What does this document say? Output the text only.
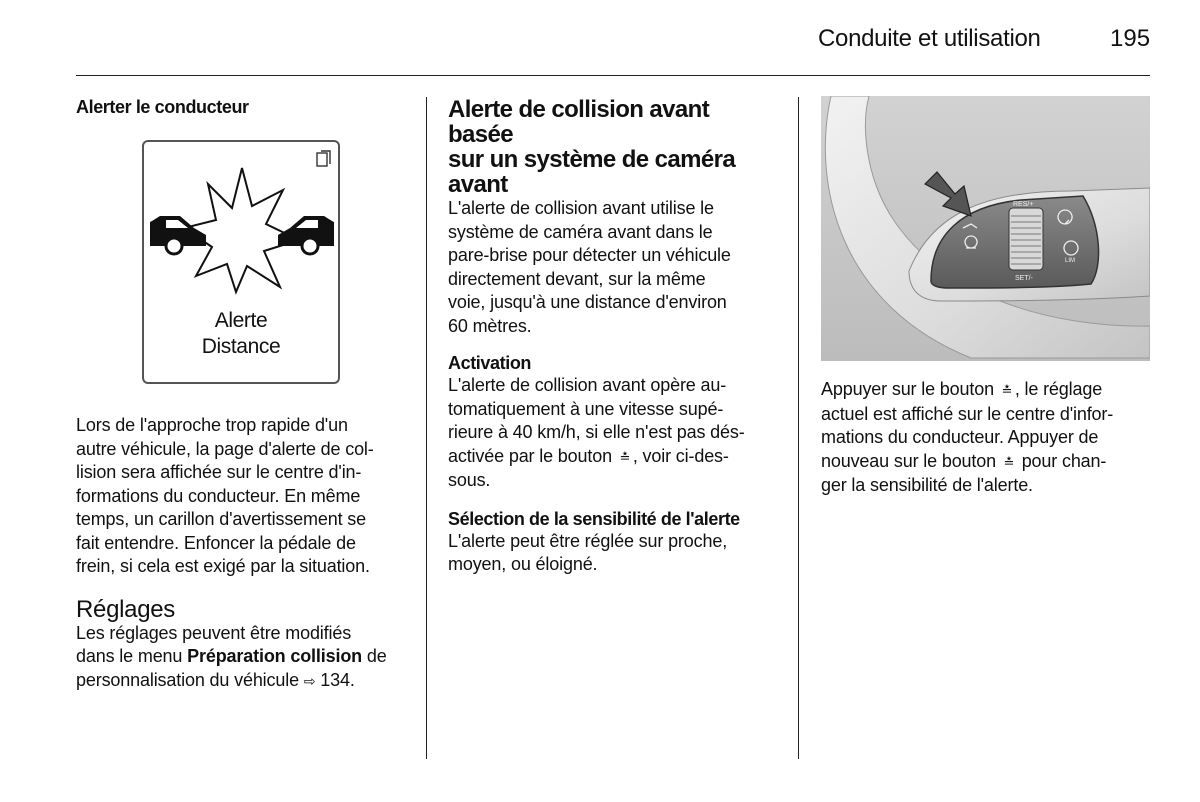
Conduite et utilisation	195
Alerter le conducteur
Alerte
Distance

Lors de l'approche trop rapide d'un
autre véhicule, la page d'alerte de col-
lision sera affichée sur le centre d'in-
formations du conducteur. En même
temps, un carillon d'avertissement se
fait entendre. Enfoncer la pédale de
frein, si cela est exigé par la situation.

Réglages

Les réglages peuvent être modifiés
dans le menu Préparation collision de
personnalisation du véhicule ⇨ 134.

Alerte de collision avant basée
sur un système de caméra
avant

L'alerte de collision avant utilise le
système de caméra avant dans le
pare-brise pour détecter un véhicule
directement devant, sur la même
voie, jusqu'à une distance d'environ
60 mètres.

Activation

L'alerte de collision avant opère au-
tomatiquement à une vitesse supé-
rieure à 40 km/h, si elle n'est pas dés-
activée par le bouton ≛ , voir ci-des-
sous.

Sélection de la sensibilité de l'alerte

L'alerte peut être réglée sur proche,
moyen, ou éloigné.

RES/+
SET/-
LIM

Appuyer sur le bouton ≛ , le réglage
actuel est affiché sur le centre d'infor-
mations du conducteur. Appuyer de
nouveau sur le bouton ≛ pour chan-
ger la sensibilité de l'alerte.
